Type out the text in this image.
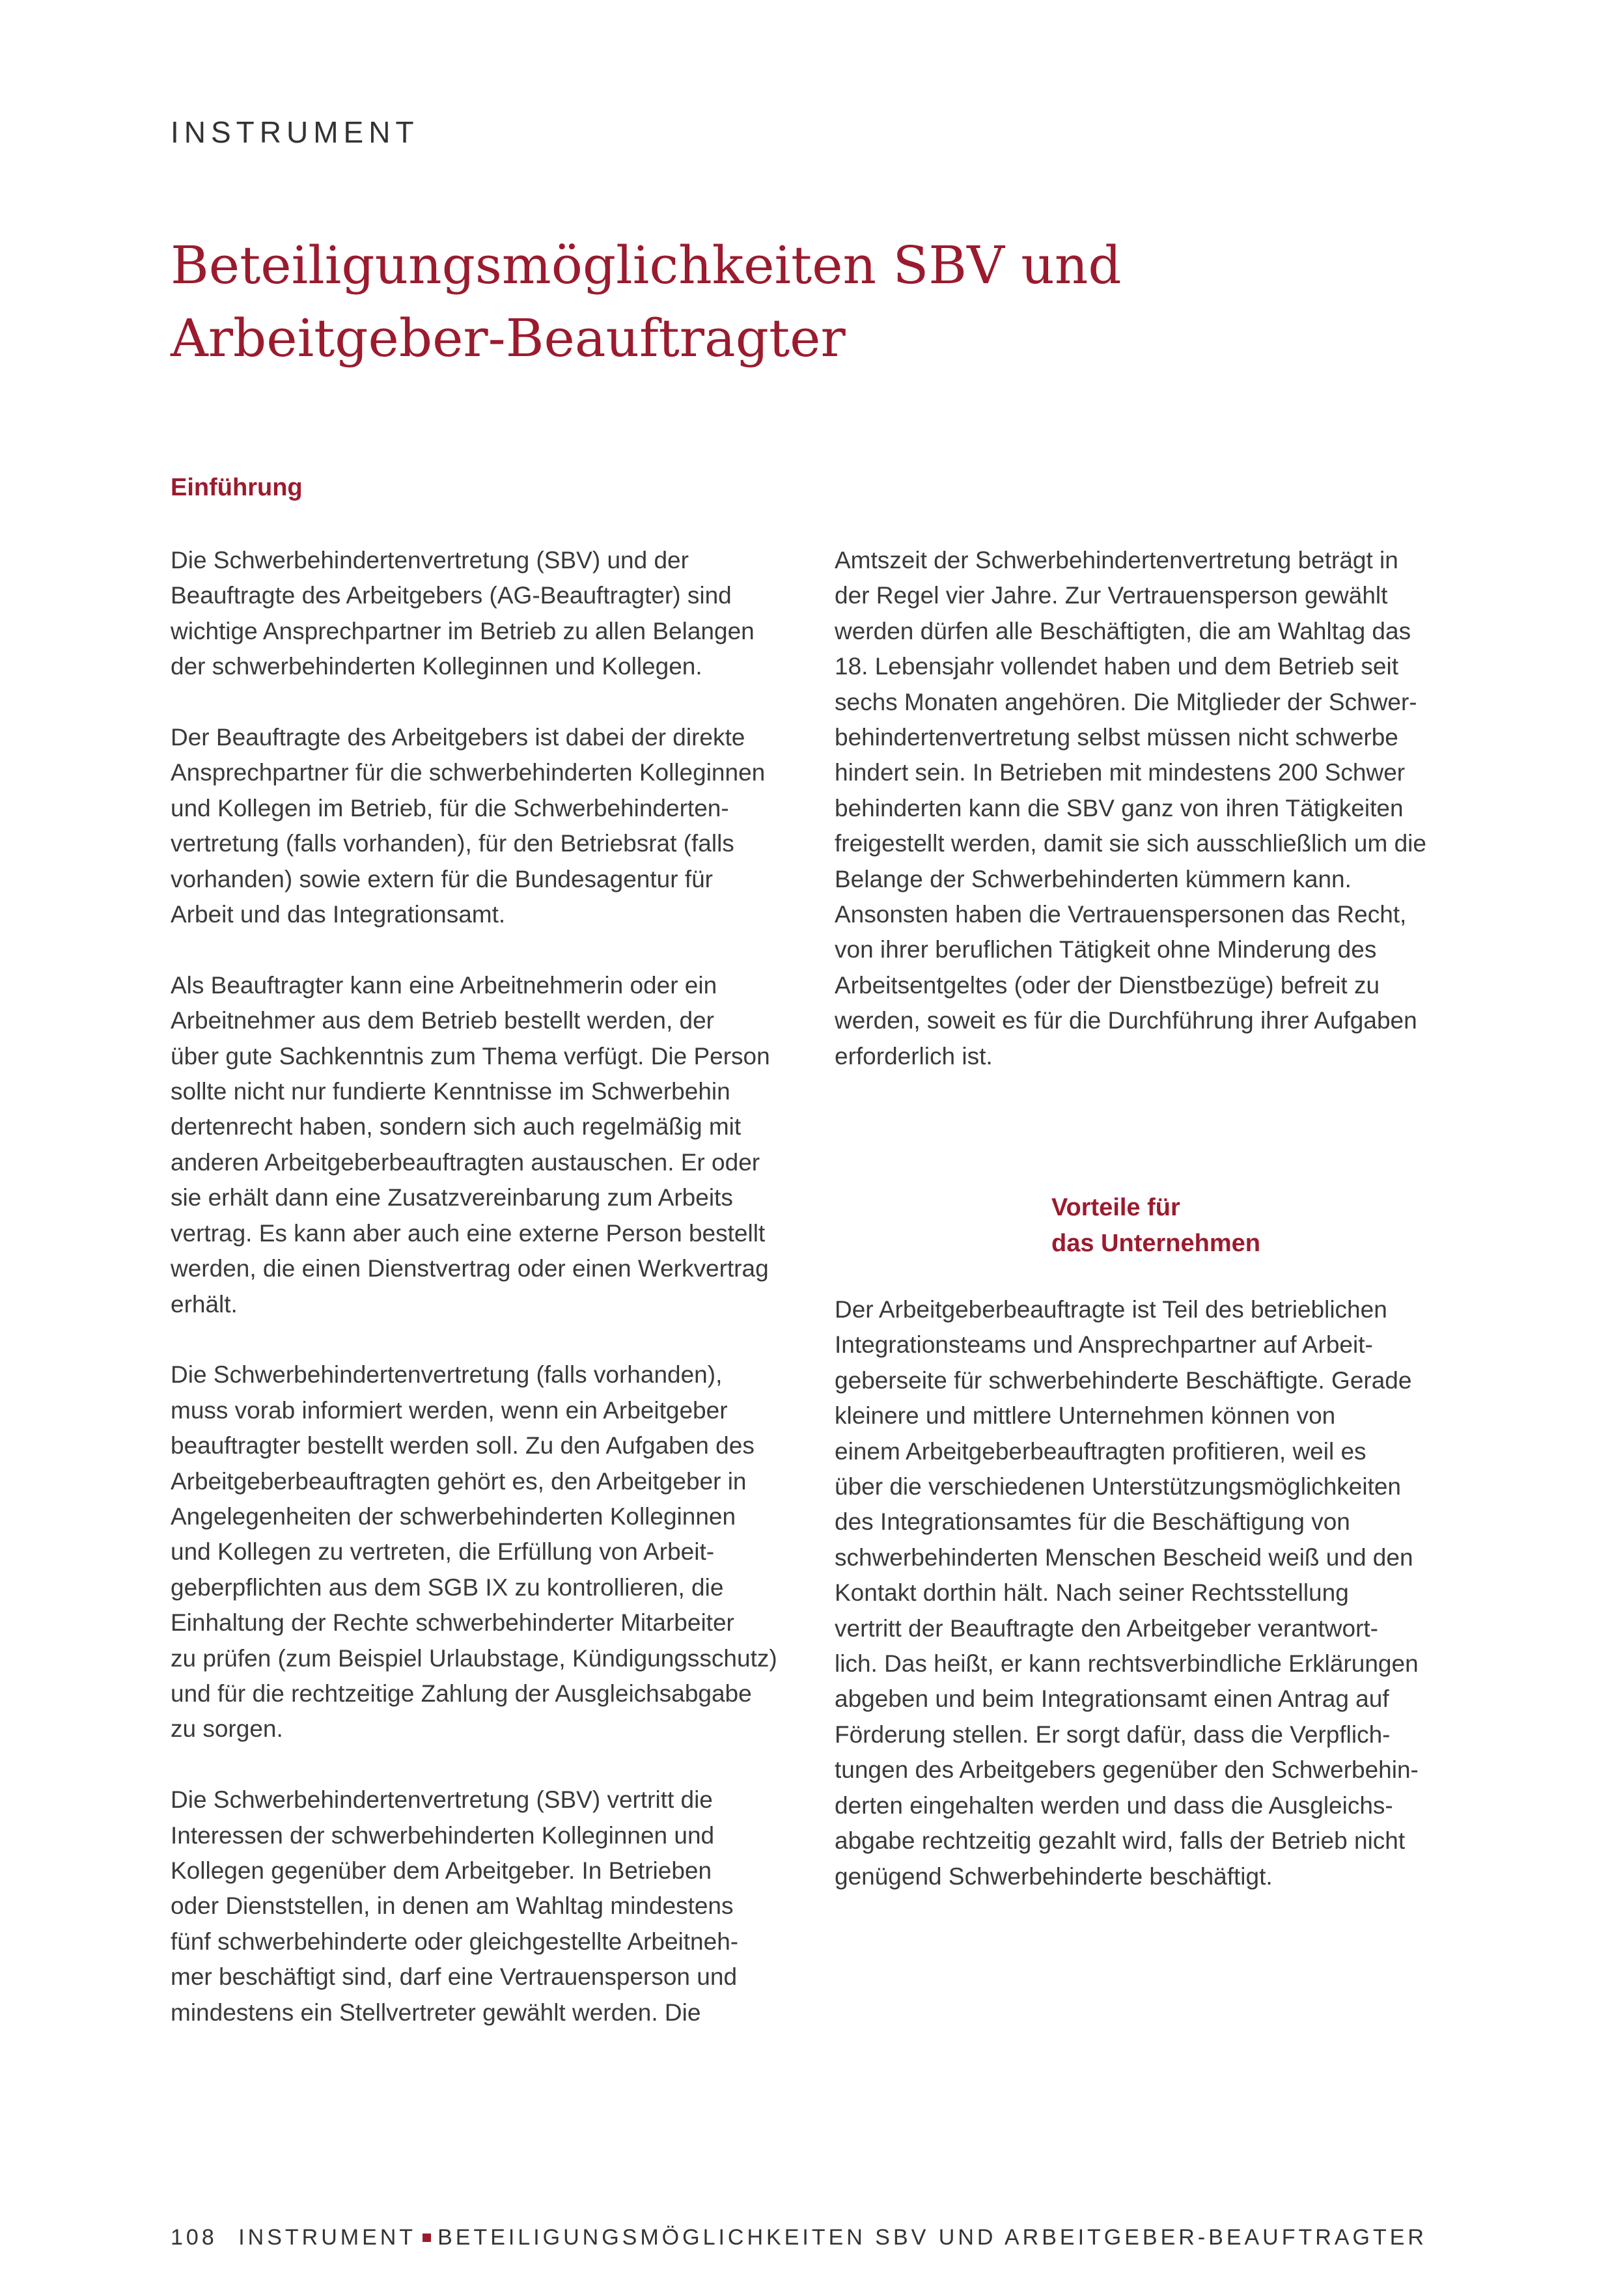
INSTRUMENT
Beteiligungsmöglichkeiten SBV und
Arbeitgeber-Beauftragter
Einführung

Die Schwerbehindertenvertretung (SBV) und der
Beauftragte des Arbeitgebers (AG-Beauftragter) sind
wichtige Ansprechpartner im Betrieb zu allen Belangen
der schwerbehinderten Kolleginnen und Kollegen.

Der Beauftragte des Arbeitgebers ist dabei der direkte
Ansprechpartner für die schwerbehinderten Kolleginnen
und Kollegen im Betrieb, für die Schwerbehinderten-
vertretung (falls vorhanden), für den Betriebsrat (falls
vorhanden) sowie extern für die Bundesagentur für
Arbeit und das Integrationsamt.

Als Beauftragter kann eine Arbeitnehmerin oder ein
Arbeitnehmer aus dem Betrieb bestellt werden, der
über gute Sachkenntnis zum Thema verfügt. Die Person
sollte nicht nur fundierte Kenntnisse im Schwerbehin
dertenrecht haben, sondern sich auch regelmäßig mit
anderen Arbeitgeberbeauftragten austauschen. Er oder
sie erhält dann eine Zusatzvereinbarung zum Arbeits
vertrag. Es kann aber auch eine externe Person bestellt
werden, die einen Dienstvertrag oder einen Werkvertrag
erhält.

Die Schwerbehindertenvertretung (falls vorhanden),
muss vorab informiert werden, wenn ein Arbeitgeber
beauftragter bestellt werden soll. Zu den Aufgaben des
Arbeitgeberbeauftragten gehört es, den Arbeitgeber in
Angelegenheiten der schwerbehinderten Kolleginnen
und Kollegen zu vertreten, die Erfüllung von Arbeit-
geberpflichten aus dem SGB IX zu kontrollieren, die
Einhaltung der Rechte schwerbehinderter Mitarbeiter
zu prüfen (zum Beispiel Urlaubstage, Kündigungsschutz)
und für die rechtzeitige Zahlung der Ausgleichsabgabe
zu sorgen.

Die Schwerbehindertenvertretung (SBV) vertritt die
Interessen der schwerbehinderten Kolleginnen und
Kollegen gegenüber dem Arbeitgeber. In Betrieben
oder Dienststellen, in denen am Wahltag mindestens
fünf schwerbehinderte oder gleichgestellte Arbeitneh-
mer beschäftigt sind, darf eine Vertrauensperson und
mindestens ein Stellvertreter gewählt werden. Die

Amtszeit der Schwerbehindertenvertretung beträgt in
der Regel vier Jahre. Zur Vertrauensperson gewählt
werden dürfen alle Beschäftigten, die am Wahltag das
18. Lebensjahr vollendet haben und dem Betrieb seit
sechs Monaten angehören. Die Mitglieder der Schwer-
behindertenvertretung selbst müssen nicht schwerbe
hindert sein. In Betrieben mit mindestens 200 Schwer
behinderten kann die SBV ganz von ihren Tätigkeiten
freigestellt werden, damit sie sich ausschließlich um die
Belange der Schwerbehinderten kümmern kann.
Ansonsten haben die Vertrauenspersonen das Recht,
von ihrer beruflichen Tätigkeit ohne Minderung des
Arbeitsentgeltes (oder der Dienstbezüge) befreit zu
werden, soweit es für die Durchführung ihrer Aufgaben
erforderlich ist.

Vorteile für
das Unternehmen

Der Arbeitgeberbeauftragte ist Teil des betrieblichen
Integrationsteams und Ansprechpartner auf Arbeit-
geberseite für schwerbehinderte Beschäftigte. Gerade
kleinere und mittlere Unternehmen können von
einem Arbeitgeberbeauftragten profitieren, weil es
über die verschiedenen Unterstützungsmöglichkeiten
des Integrationsamtes für die Beschäftigung von
schwerbehinderten Menschen Bescheid weiß und den
Kontakt dorthin hält. Nach seiner Rechtsstellung
vertritt der Beauftragte den Arbeitgeber verantwort-
lich. Das heißt, er kann rechtsverbindliche Erklärungen
abgeben und beim Integrationsamt einen Antrag auf
Förderung stellen. Er sorgt dafür, dass die Verpflich-
tungen des Arbeitgebers gegenüber den Schwerbehin-
derten eingehalten werden und dass die Ausgleichs-
abgabe rechtzeitig gezahlt wird, falls der Betrieb nicht
genügend Schwerbehinderte beschäftigt.

108 INSTRUMENT BETEILIGUNGSMÖGLICHKEITEN SBV UND ARBEITGEBER-BEAUFTRAGTER
